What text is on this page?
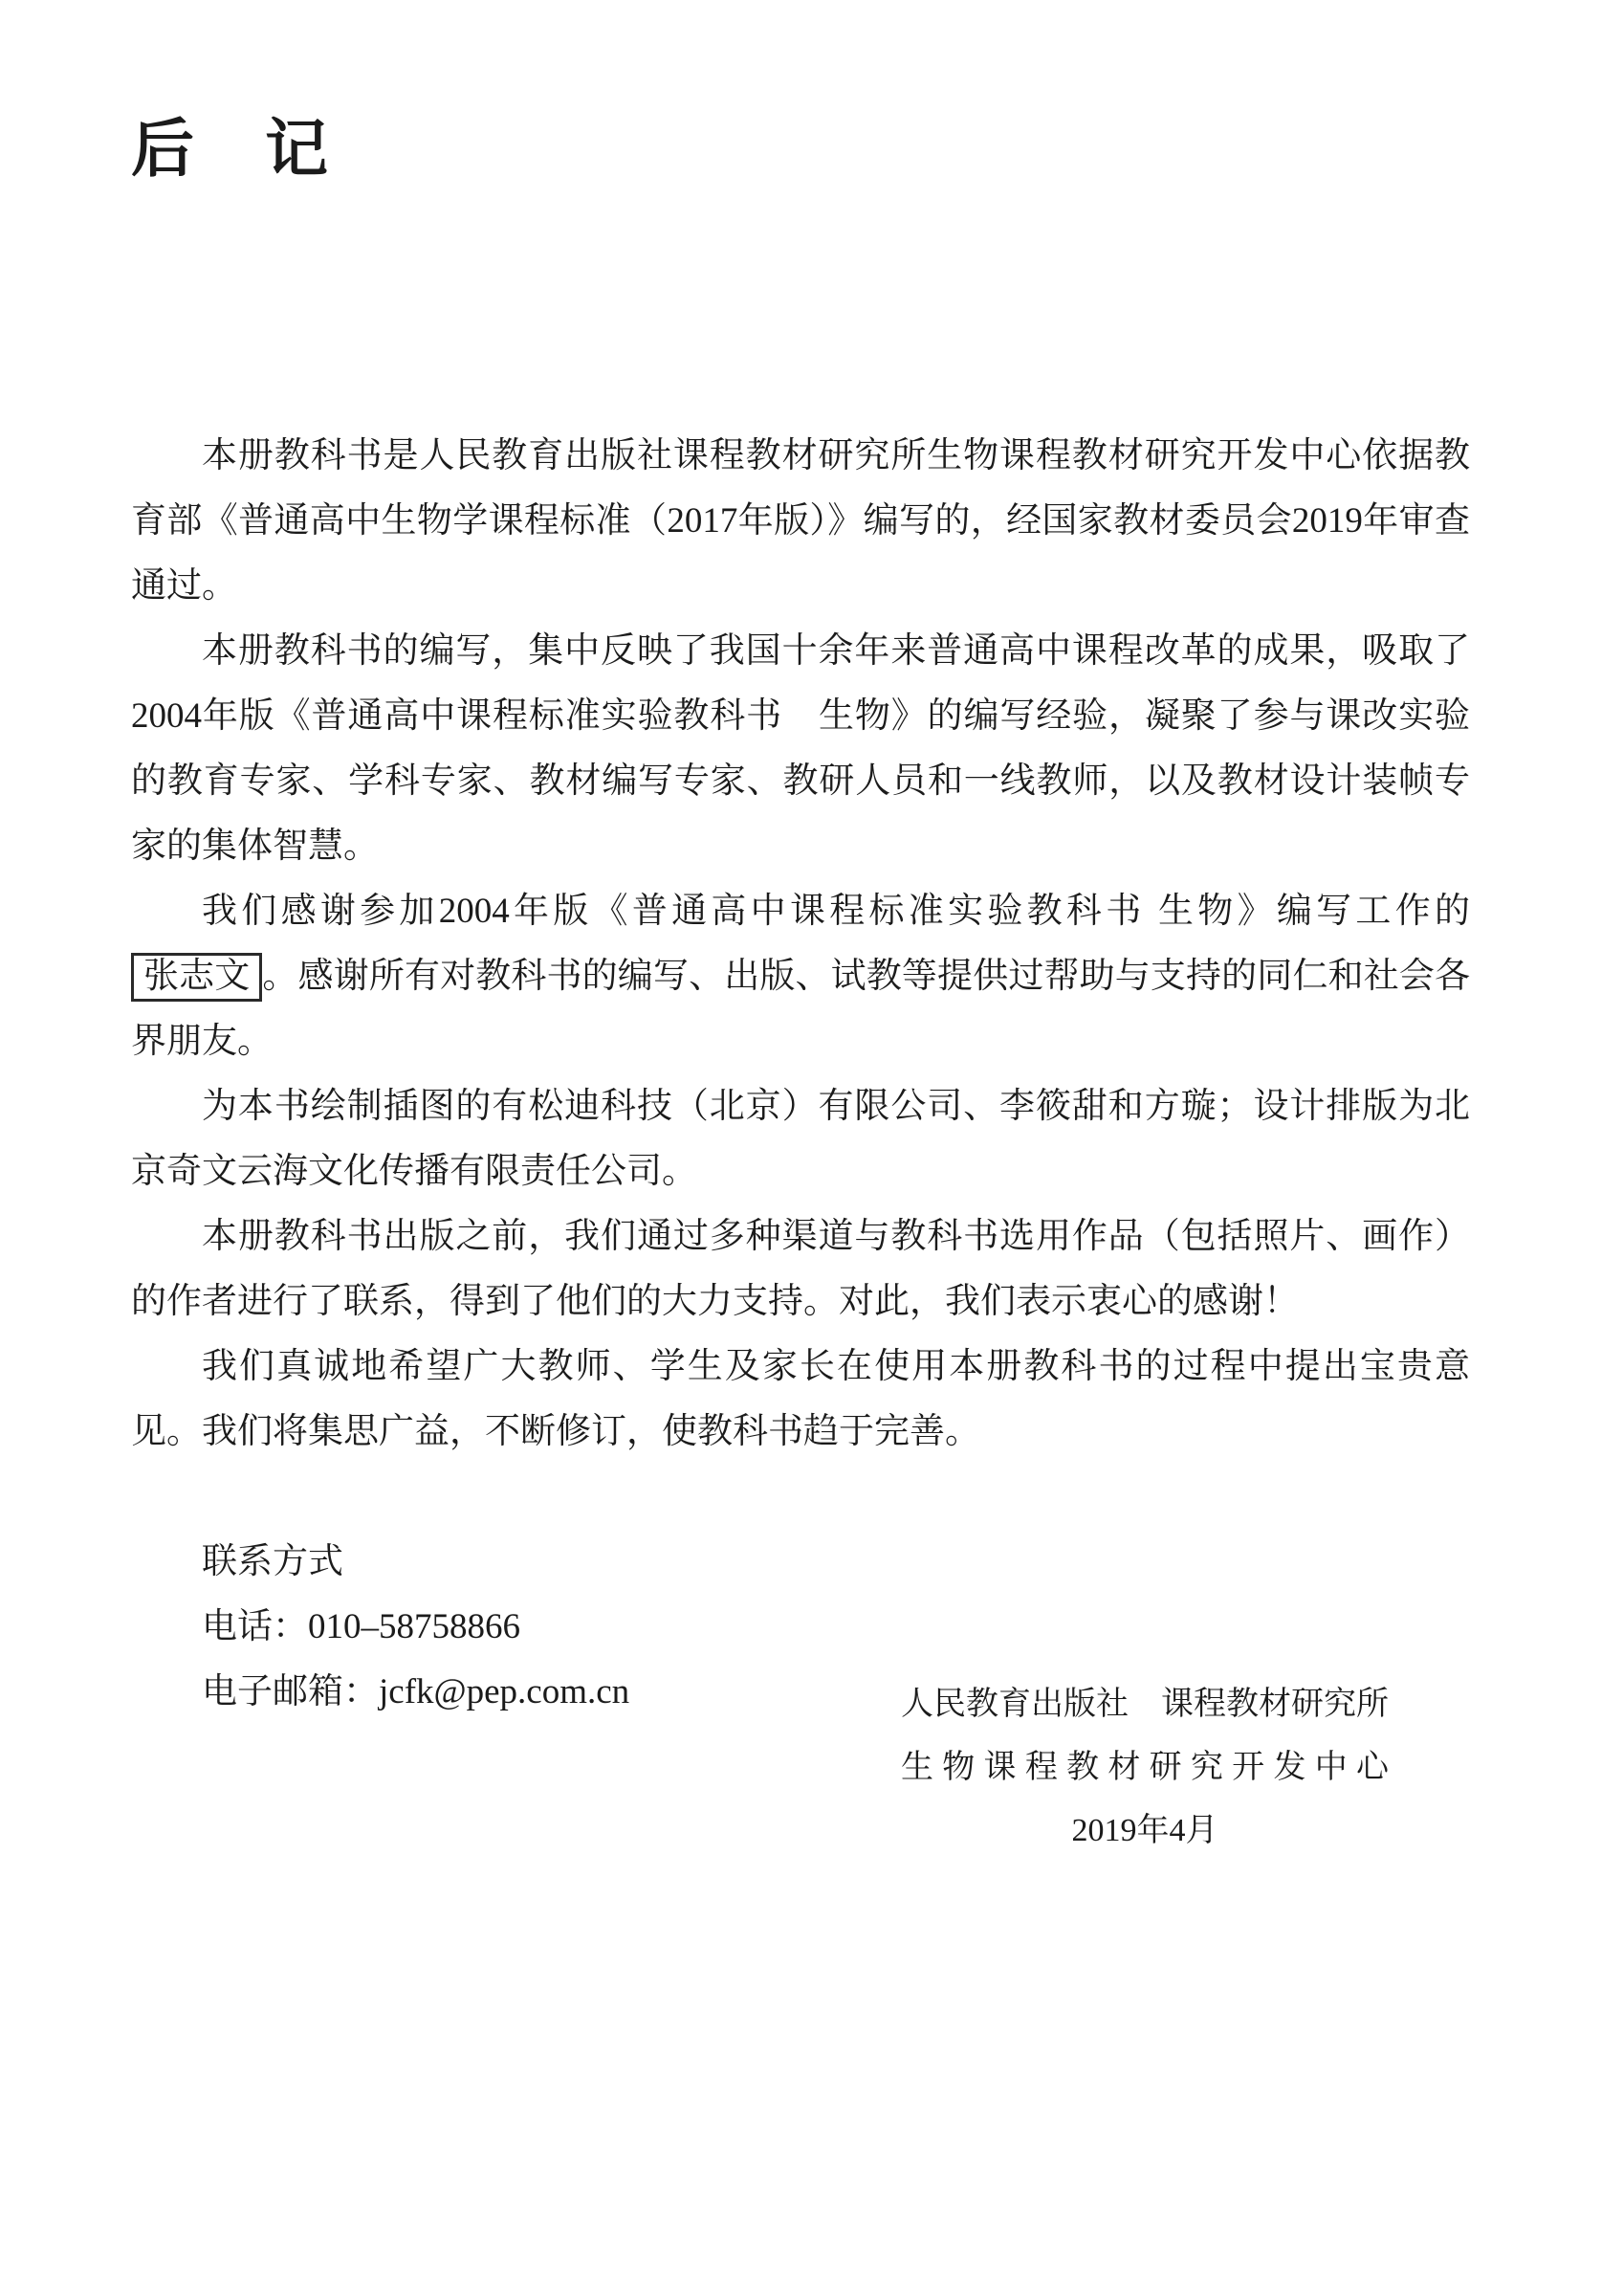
后　记

本册教科书是人民教育出版社课程教材研究所生物课程教材研究开发中心依据教育部《普通高中生物学课程标准（2017年版）》编写的，经国家教材委员会2019年审查通过。

本册教科书的编写，集中反映了我国十余年来普通高中课程改革的成果，吸取了2004年版《普通高中课程标准实验教科书　生物》的编写经验，凝聚了参与课改实验的教育专家、学科专家、教材编写专家、教研人员和一线教师，以及教材设计装帧专家的集体智慧。

我们感谢参加2004年版《普通高中课程标准实验教科书 生物》编写工作的张志文 。感谢所有对教科书的编写、出版、试教等提供过帮助与支持的同仁和社会各界朋友。

为本书绘制插图的有松迪科技（北京）有限公司、李筱甜和方璇；设计排版为北京奇文云海文化传播有限责任公司。

本册教科书出版之前，我们通过多种渠道与教科书选用作品（包括照片、画作）的作者进行了联系，得到了他们的大力支持。对此，我们表示衷心的感谢！

我们真诚地希望广大教师、学生及家长在使用本册教科书的过程中提出宝贵意见。我们将集思广益，不断修订，使教科书趋于完善。

联系方式
电话：010–58758866
电子邮箱：jcfk@pep.com.cn	人民教育出版社　课程教材研究所
生物课程教材研究开发中心
2019年4月
